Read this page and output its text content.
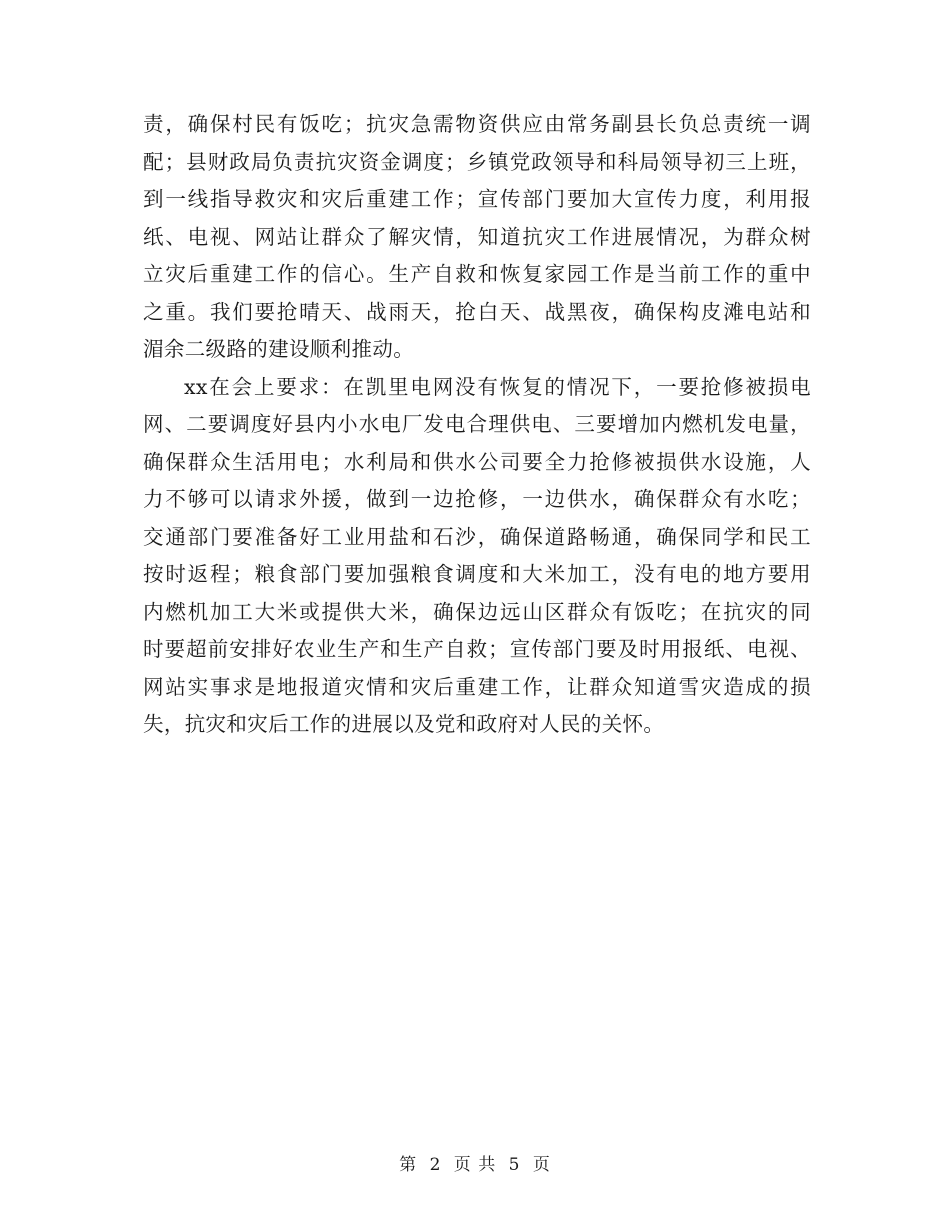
责，确保村民有饭吃；抗灾急需物资供应由常务副县长负总责统一调
配；县财政局负责抗灾资金调度；乡镇党政领导和科局领导初三上班，
到一线指导救灾和灾后重建工作；宣传部门要加大宣传力度，利用报
纸、电视、网站让群众了解灾情，知道抗灾工作进展情况，为群众树
立灾后重建工作的信心。生产自救和恢复家园工作是当前工作的重中
之重。我们要抢晴天、战雨天，抢白天、战黑夜，确保构皮滩电站和
湄余二级路的建设顺利推动。
xx在会上要求：在凯里电网没有恢复的情况下，一要抢修被损电
网、二要调度好县内小水电厂发电合理供电、三要增加内燃机发电量，
确保群众生活用电；水利局和供水公司要全力抢修被损供水设施，人
力不够可以请求外援，做到一边抢修，一边供水，确保群众有水吃；
交通部门要准备好工业用盐和石沙，确保道路畅通，确保同学和民工
按时返程；粮食部门要加强粮食调度和大米加工，没有电的地方要用
内燃机加工大米或提供大米，确保边远山区群众有饭吃；在抗灾的同
时要超前安排好农业生产和生产自救；宣传部门要及时用报纸、电视、
网站实事求是地报道灾情和灾后重建工作，让群众知道雪灾造成的损
失，抗灾和灾后工作的进展以及党和政府对人民的关怀。
第 2 页 共 5 页
